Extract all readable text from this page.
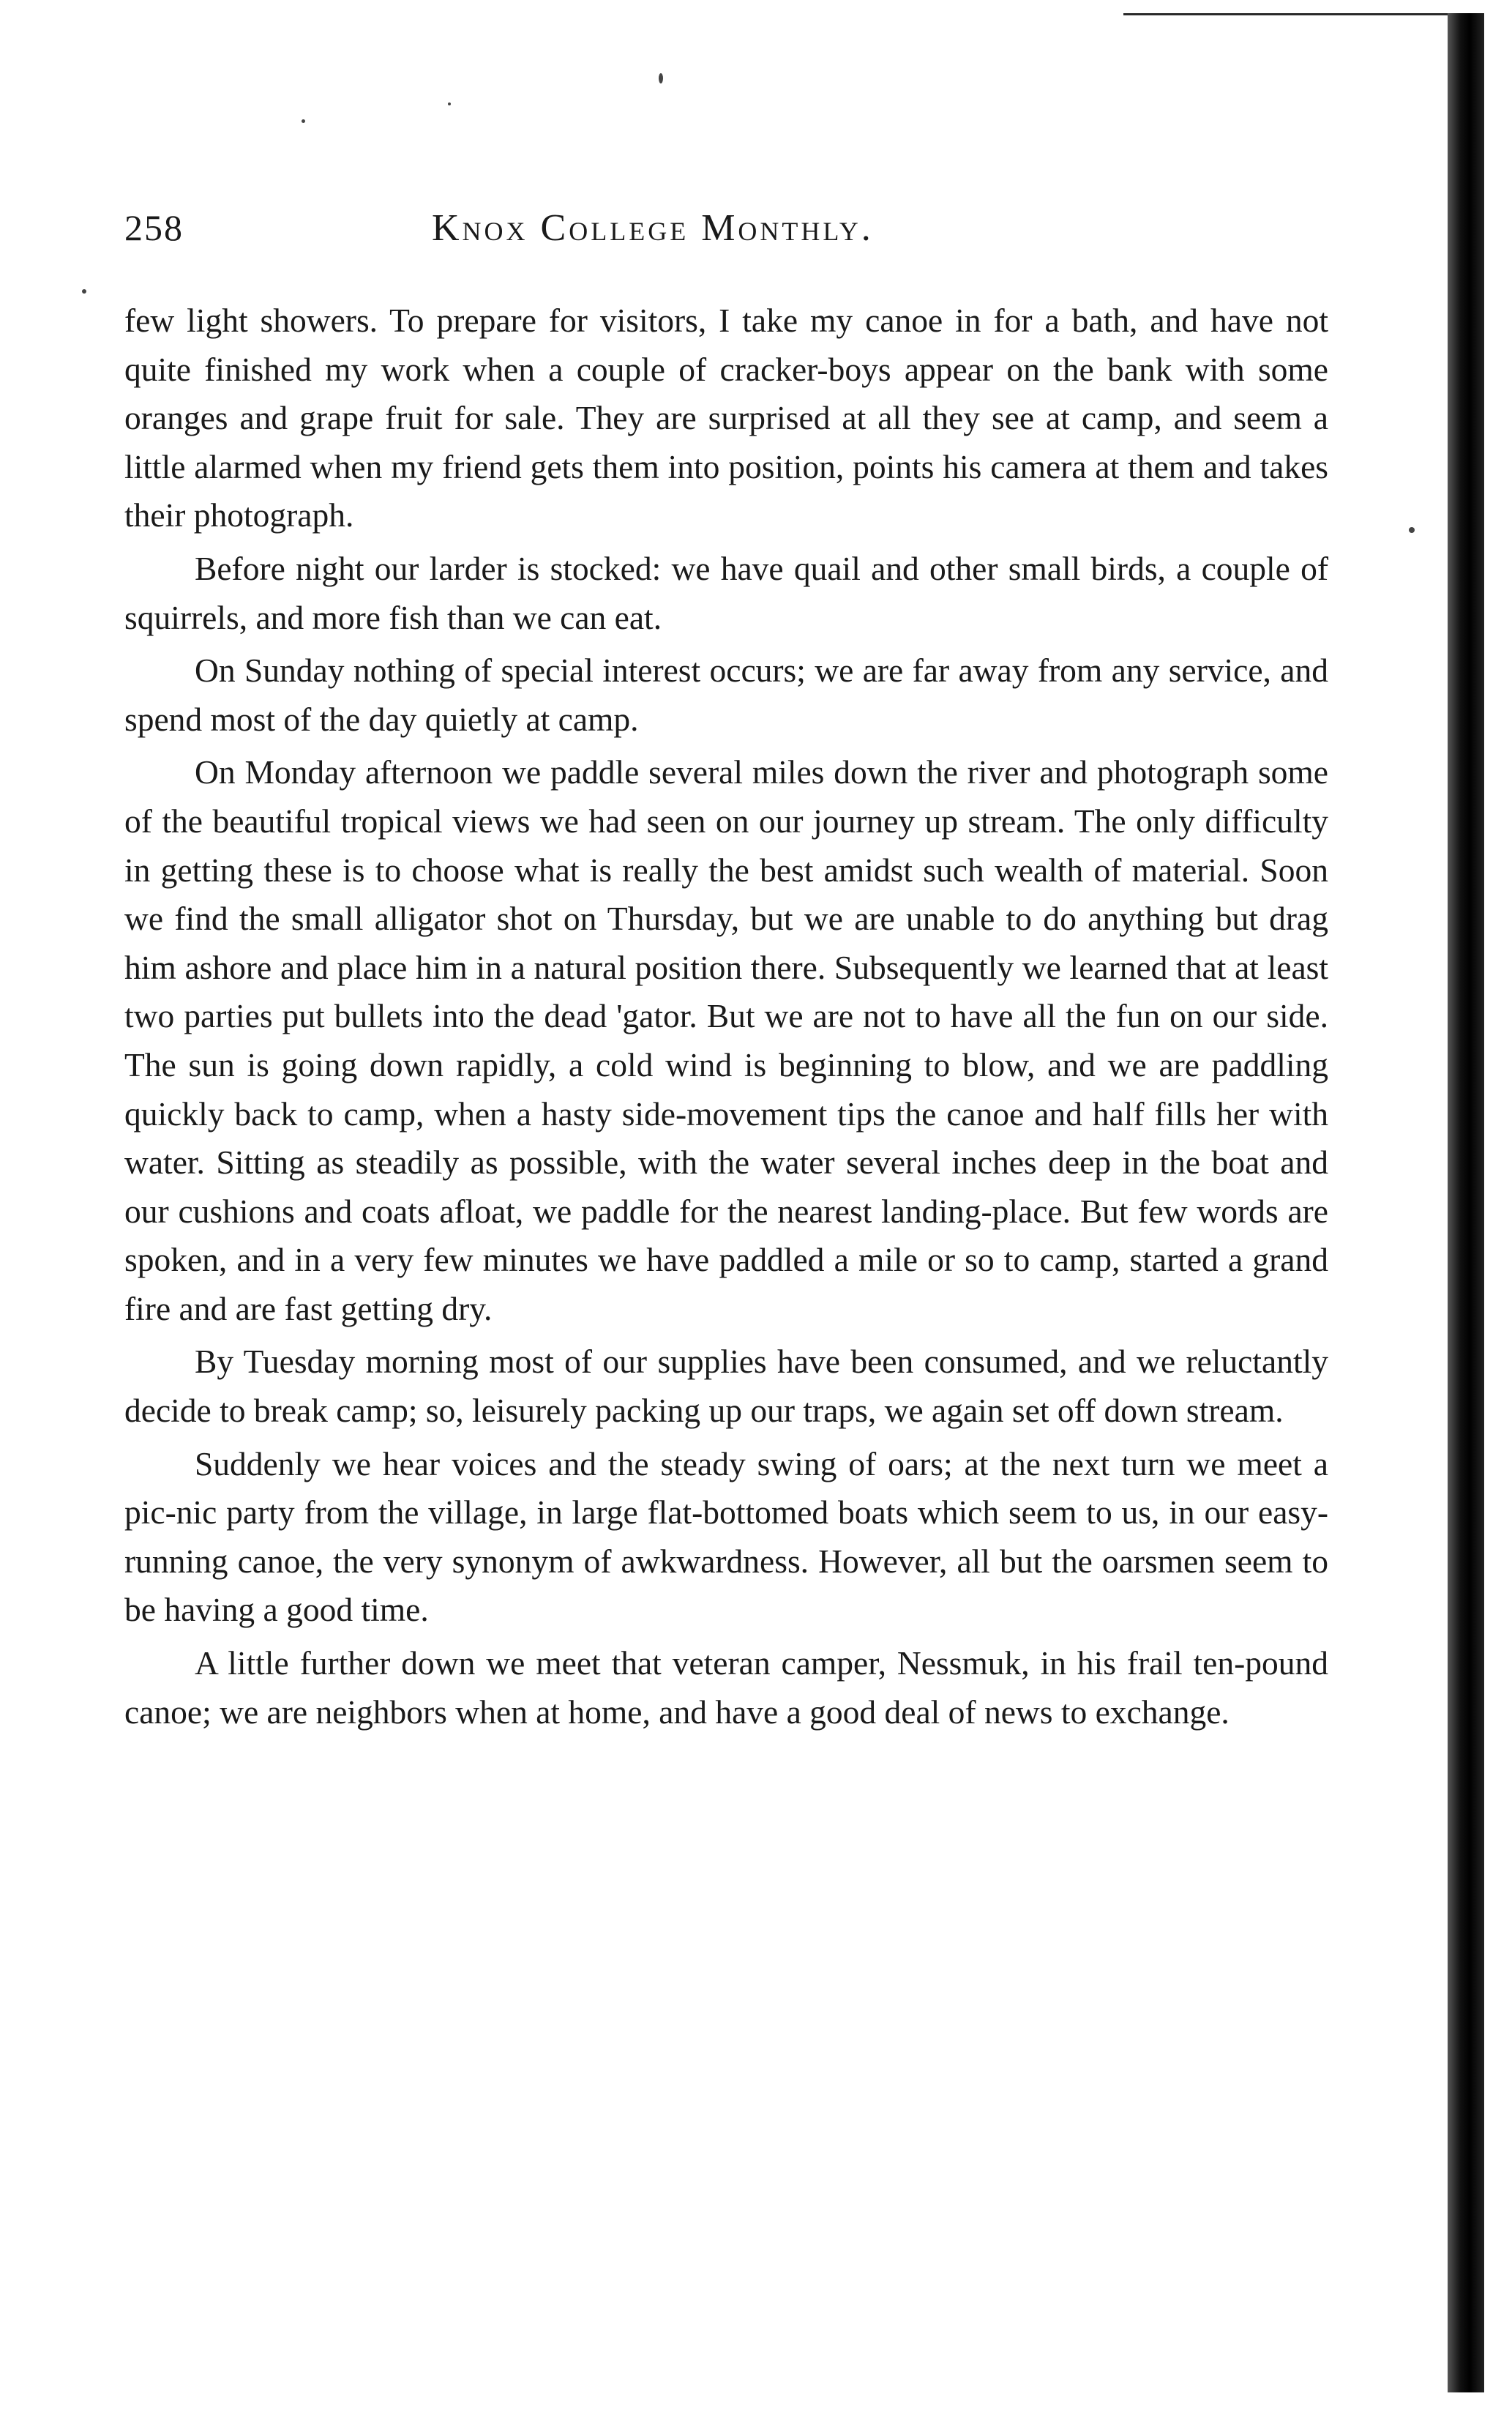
258	Knox College Monthly.

few light showers. To prepare for visitors, I take my canoe in for a bath, and have not quite finished my work when a couple of cracker-boys appear on the bank with some oranges and grape fruit for sale. They are surprised at all they see at camp, and seem a little alarmed when my friend gets them into position, points his camera at them and takes their photograph.

Before night our larder is stocked: we have quail and other small birds, a couple of squirrels, and more fish than we can eat.

On Sunday nothing of special interest occurs; we are far away from any service, and spend most of the day quietly at camp.

On Monday afternoon we paddle several miles down the river and photograph some of the beautiful tropical views we had seen on our journey up stream. The only difficulty in getting these is to choose what is really the best amidst such wealth of material. Soon we find the small alligator shot on Thursday, but we are unable to do anything but drag him ashore and place him in a natural position there. Subsequently we learned that at least two parties put bullets into the dead 'gator. But we are not to have all the fun on our side. The sun is going down rapidly, a cold wind is beginning to blow, and we are paddling quickly back to camp, when a hasty side-movement tips the canoe and half fills her with water. Sitting as steadily as possible, with the water several inches deep in the boat and our cushions and coats afloat, we paddle for the nearest landing-place. But few words are spoken, and in a very few minutes we have paddled a mile or so to camp, started a grand fire and are fast getting dry.

By Tuesday morning most of our supplies have been consumed, and we reluctantly decide to break camp; so, leisurely packing up our traps, we again set off down stream.

Suddenly we hear voices and the steady swing of oars; at the next turn we meet a pic-nic party from the village, in large flat-bottomed boats which seem to us, in our easy-running canoe, the very synonym of awkwardness. However, all but the oarsmen seem to be having a good time.

A little further down we meet that veteran camper, Nessmuk, in his frail ten-pound canoe; we are neighbors when at home, and have a good deal of news to exchange.
